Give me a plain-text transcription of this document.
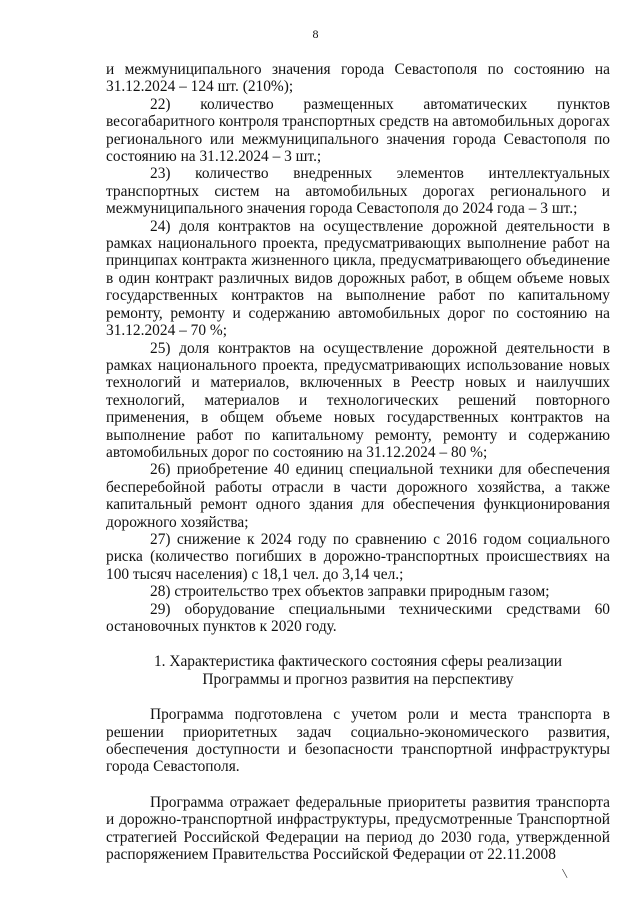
8

и межмуниципального значения города Севастополя по состоянию на 31.12.2024 – 124 шт. (210%);

22) количество размещенных автоматических пунктов весогабаритного контроля транспортных средств на автомобильных дорогах регионального или межмуниципального значения города Севастополя по состоянию на 31.12.2024 – 3 шт.;

23) количество внедренных элементов интеллектуальных транспортных систем на автомобильных дорогах регионального и межмуниципального значения города Севастополя до 2024 года – 3 шт.;

24) доля контрактов на осуществление дорожной деятельности в рамках национального проекта, предусматривающих выполнение работ на принципах контракта жизненного цикла, предусматривающего объединение в один контракт различных видов дорожных работ, в общем объеме новых государственных контрактов на выполнение работ по капитальному ремонту, ремонту и содержанию автомобильных дорог по состоянию на 31.12.2024 – 70 %;

25) доля контрактов на осуществление дорожной деятельности в рамках национального проекта, предусматривающих использование новых технологий и материалов, включенных в Реестр новых и наилучших технологий, материалов и технологических решений повторного применения, в общем объеме новых государственных контрактов на выполнение работ по капитальному ремонту, ремонту и содержанию автомобильных дорог по состоянию на 31.12.2024 – 80 %;

26) приобретение 40 единиц специальной техники для обеспечения бесперебойной работы отрасли в части дорожного хозяйства, а также капитальный ремонт одного здания для обеспечения функционирования дорожного хозяйства;

27) снижение к 2024 году по сравнению с 2016 годом социального риска (количество погибших в дорожно-транспортных происшествиях на 100 тысяч населения) с 18,1 чел. до 3,14 чел.;

28) строительство трех объектов заправки природным газом;

29) оборудование специальными техническими средствами 60 остановочных пунктов к 2020 году.

1. Характеристика фактического состояния сферы реализации
Программы и прогноз развития на перспективу

Программа подготовлена с учетом роли и места транспорта в решении приоритетных задач социально-экономического развития, обеспечения доступности и безопасности транспортной инфраструктуры города Севастополя.

Программа отражает федеральные приоритеты развития транспорта и дорожно-транспортной инфраструктуры, предусмотренные Транспортной стратегией Российской Федерации на период до 2030 года, утвержденной распоряжением Правительства Российской Федерации от 22.11.2008

\
